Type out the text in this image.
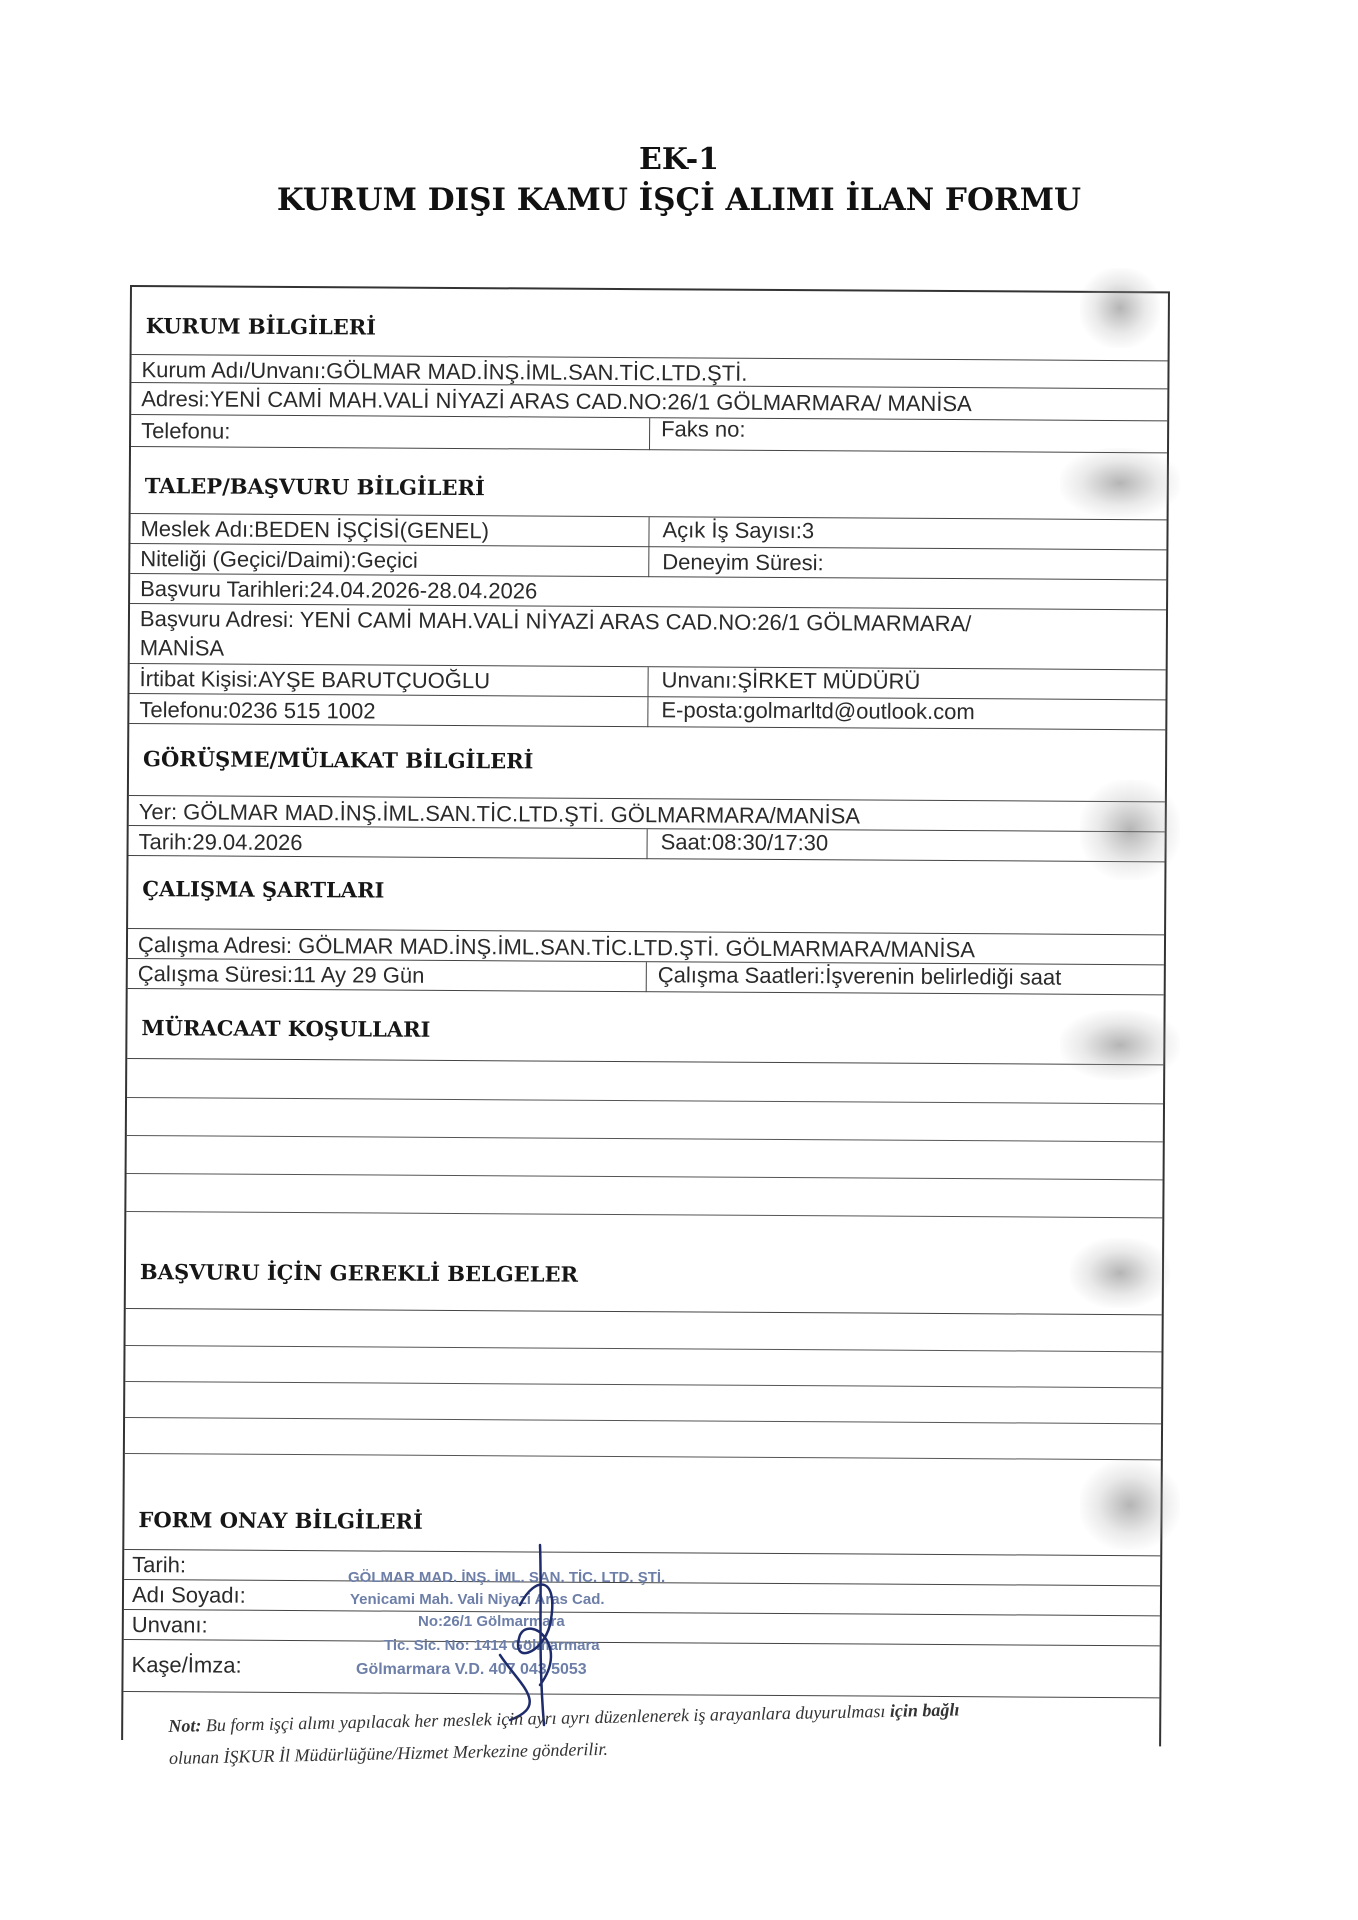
EK-1
KURUM DIŞI KAMU İŞÇİ ALIMI İLAN FORMU
KURUM BİLGİLERİ
Kurum Adı/Unvanı:GÖLMAR MAD.İNŞ.İML.SAN.TİC.LTD.ŞTİ.
Adresi:YENİ CAMİ MAH.VALİ NİYAZİ ARAS CAD.NO:26/1 GÖLMARMARA/ MANİSA
Telefonu:	Faks no:
TALEP/BAŞVURU BİLGİLERİ
Meslek Adı:BEDEN İŞÇİSİ(GENEL)	Açık İş Sayısı:3
Niteliği (Geçici/Daimi):Geçici	Deneyim Süresi:
Başvuru Tarihleri:24.04.2026-28.04.2026
Başvuru Adresi: YENİ CAMİ MAH.VALİ NİYAZİ ARAS CAD.NO:26/1 GÖLMARMARA/
MANİSA
İrtibat Kişisi:AYŞE BARUTÇUOĞLU	Unvanı:ŞİRKET MÜDÜRÜ
Telefonu:0236 515 1002	E-posta:golmarltd@outlook.com
GÖRÜŞME/MÜLAKAT BİLGİLERİ
Yer: GÖLMAR MAD.İNŞ.İML.SAN.TİC.LTD.ŞTİ. GÖLMARMARA/MANİSA
Tarih:29.04.2026	Saat:08:30/17:30
ÇALIŞMA ŞARTLARI
Çalışma Adresi: GÖLMAR MAD.İNŞ.İML.SAN.TİC.LTD.ŞTİ. GÖLMARMARA/MANİSA
Çalışma Süresi:11 Ay 29 Gün	Çalışma Saatleri:İşverenin belirlediği saat
MÜRACAAT KOŞULLARI
BAŞVURU İÇİN GEREKLİ BELGELER
FORM ONAY BİLGİLERİ
Tarih:
Adı Soyadı:
Unvanı:
Kaşe/İmza:
GÖLMAR MAD. İNŞ. İML. SAN. TİC. LTD. ŞTİ.
Yenicami Mah. Vali Niyazi Aras Cad.
No:26/1 Gölmarmara
Tic. Sic. No: 1414 Gölmarmara
Gölmarmara V.D. 407 043 5053
Not: Bu form işçi alımı yapılacak her meslek için ayrı ayrı düzenlenerek iş arayanlara duyurulması için bağlı
olunan İŞKUR İl Müdürlüğüne/Hizmet Merkezine gönderilir.
